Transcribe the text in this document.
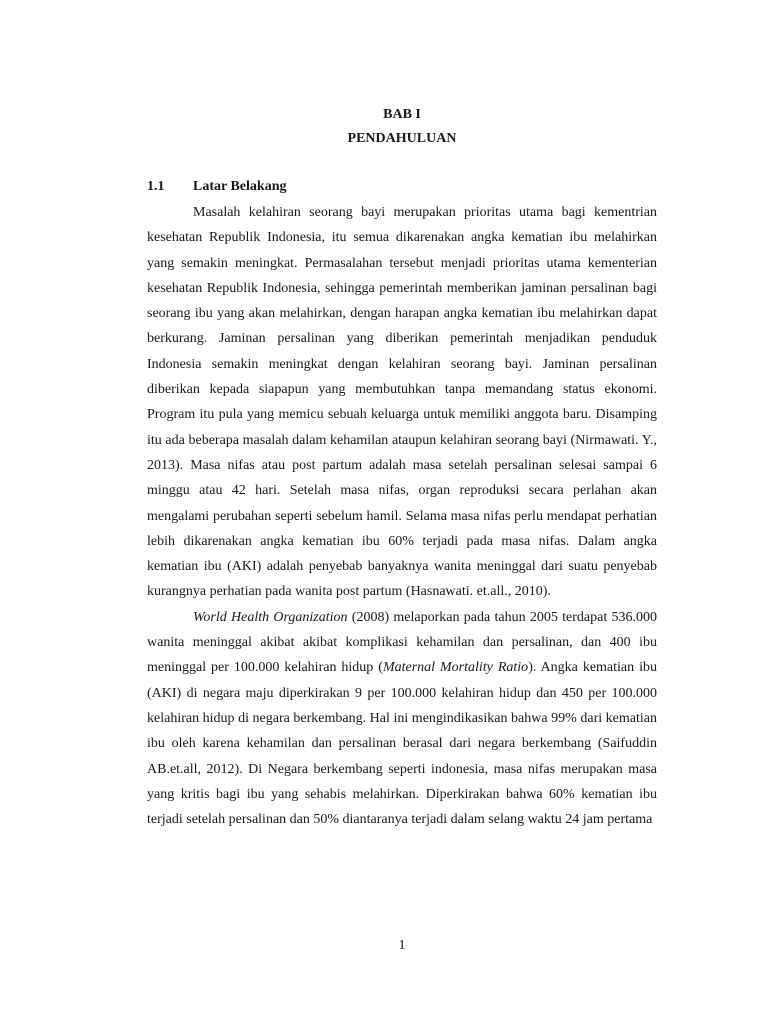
BAB I
PENDAHULUAN
1.1 Latar Belakang

Masalah kelahiran seorang bayi merupakan prioritas utama bagi kementrian kesehatan Republik Indonesia, itu semua dikarenakan angka kematian ibu melahirkan yang semakin meningkat. Permasalahan tersebut menjadi prioritas utama kementerian kesehatan Republik Indonesia, sehingga pemerintah memberikan jaminan persalinan bagi seorang ibu yang akan melahirkan, dengan harapan angka kematian ibu melahirkan dapat berkurang. Jaminan persalinan yang diberikan pemerintah menjadikan penduduk Indonesia semakin meningkat dengan kelahiran seorang bayi. Jaminan persalinan diberikan kepada siapapun yang membutuhkan tanpa memandang status ekonomi. Program itu pula yang memicu sebuah keluarga untuk memiliki anggota baru. Disamping itu ada beberapa masalah dalam kehamilan ataupun kelahiran seorang bayi (Nirmawati. Y., 2013). Masa nifas atau post partum adalah masa setelah persalinan selesai sampai 6 minggu atau 42 hari. Setelah masa nifas, organ reproduksi secara perlahan akan mengalami perubahan seperti sebelum hamil. Selama masa nifas perlu mendapat perhatian lebih dikarenakan angka kematian ibu 60% terjadi pada masa nifas. Dalam angka kematian ibu (AKI) adalah penyebab banyaknya wanita meninggal dari suatu penyebab kurangnya perhatian pada wanita post partum (Hasnawati. et.all., 2010).

World Health Organization (2008) melaporkan pada tahun 2005 terdapat 536.000 wanita meninggal akibat akibat komplikasi kehamilan dan persalinan, dan 400 ibu meninggal per 100.000 kelahiran hidup (Maternal Mortality Ratio). Angka kematian ibu (AKI) di negara maju diperkirakan 9 per 100.000 kelahiran hidup dan 450 per 100.000 kelahiran hidup di negara berkembang. Hal ini mengindikasikan bahwa 99% dari kematian ibu oleh karena kehamilan dan persalinan berasal dari negara berkembang (Saifuddin AB.et.all, 2012). Di Negara berkembang seperti indonesia, masa nifas merupakan masa yang kritis bagi ibu yang sehabis melahirkan. Diperkirakan bahwa 60% kematian ibu terjadi setelah persalinan dan 50% diantaranya terjadi dalam selang waktu 24 jam pertama

1
